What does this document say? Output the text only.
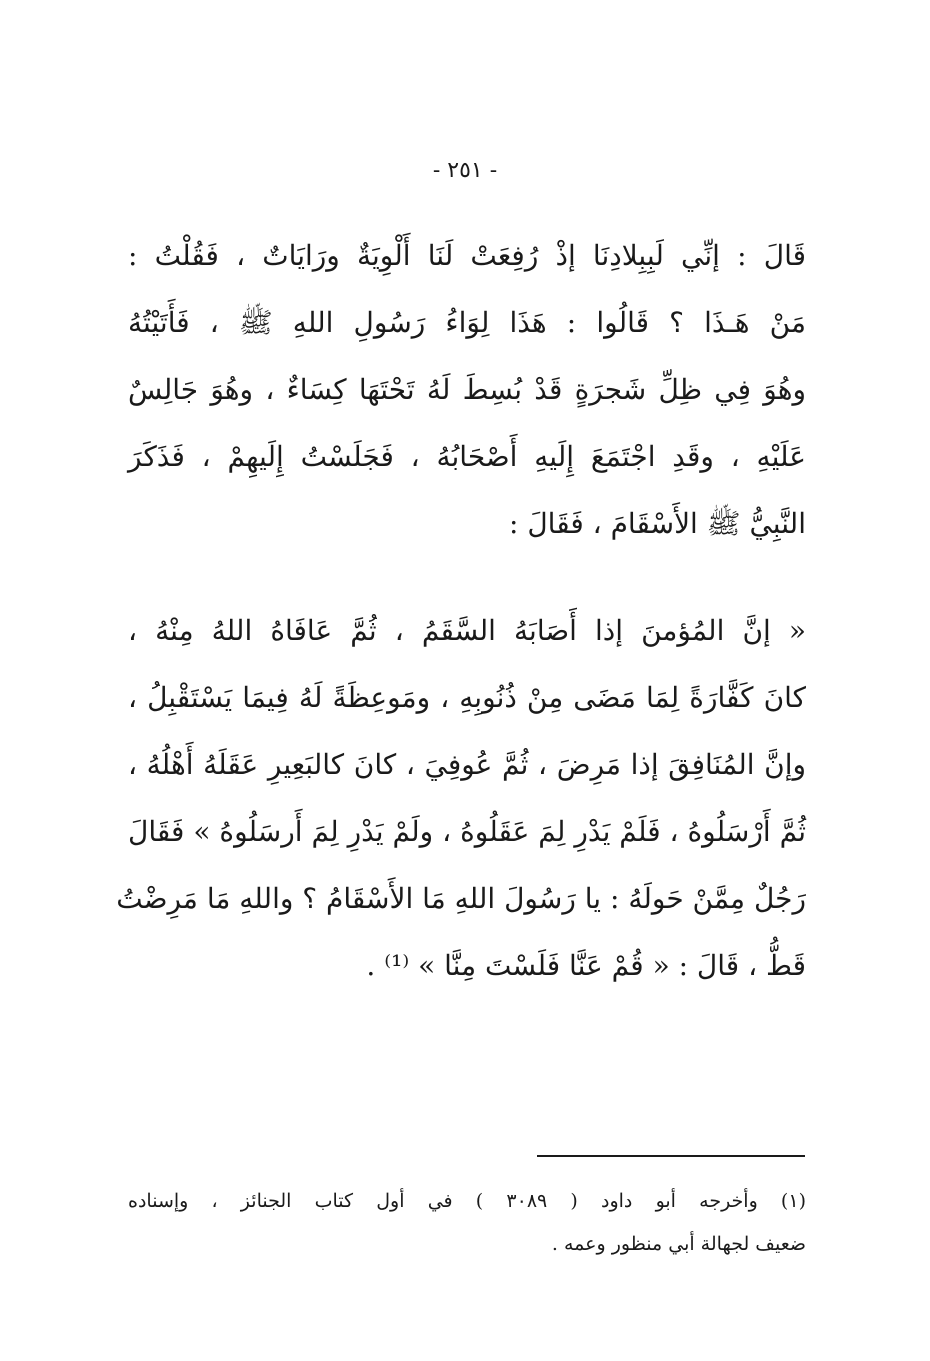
- ٢٥١ -
قَالَ : إنِّي لَبِبِلادِنَا إذْ رُفِعَتْ لَنَا أَلْوِيَةٌ ورَايَاتٌ ، فَقُلْتُ :
مَنْ هَـذَا ؟ قَالُوا : هَذَا لِوَاءُ رَسُولِ اللهِ ﷺ ، فَأَتَيْتُهُ
وهُوَ فِي ظِلِّ شَجرَةٍ قَدْ بُسِطَ لَهُ تَحْتَهَا كِسَاءٌ ، وهُوَ جَالِسٌ
عَلَيْهِ ، وقَدِ اجْتَمَعَ إِلَيهِ أَصْحَابُهُ ، فَجَلَسْتُ إِلَيهِمْ ، فَذَكَرَ
النَّبِيُّ ﷺ الأَسْقَامَ ، فَقَالَ :
« إنَّ المُؤمنَ إذا أَصَابَهُ السَّقَمُ ، ثُمَّ عَافَاهُ اللهُ مِنْهُ ،
كانَ كَفَّارَةً لِمَا مَضَى مِنْ ذُنُوبِهِ ، ومَوعِظَةً لَهُ فِيمَا يَسْتَقْبِلُ ،
وإنَّ المُنَافِقَ إذا مَرِضَ ، ثُمَّ عُوفِيَ ، كانَ كالبَعِيرِ عَقَلَهُ أَهْلُهُ ،
ثُمَّ أَرْسَلُوهُ ، فَلَمْ يَدْرِ لِمَ عَقَلُوهُ ، ولَمْ يَدْرِ لِمَ أَرسَلُوهُ » فَقَالَ
رَجُلٌ مِمَّنْ حَولَهُ : يا رَسُولَ اللهِ مَا الأَسْقَامُ ؟ واللهِ مَا مَرِضْتُ
قَطُّ ، قَالَ : « قُمْ عَنَّا فَلَسْتَ مِنَّا » ⁽¹⁾ .
(١) وأخرجه أبو داود ( ٣٠٨٩ ) في أول كتاب الجنائز ، وإسناده
ضعيف لجهالة أبي منظور وعمه .
